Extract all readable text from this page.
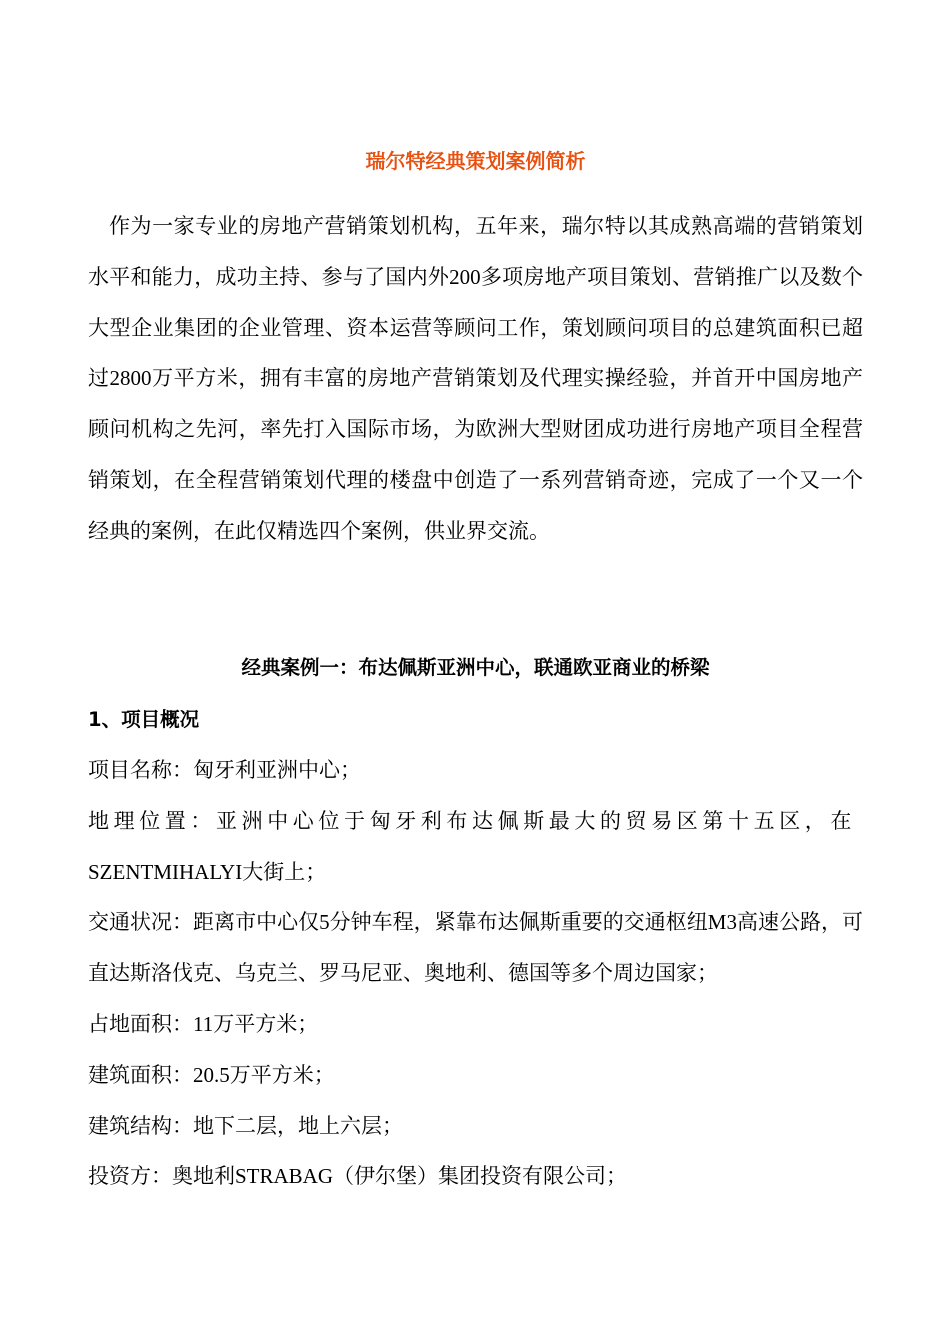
瑞尔特经典策划案例简析

作为一家专业的房地产营销策划机构，五年来，瑞尔特以其成熟高端的营销策划水平和能力，成功主持、参与了国内外200多项房地产项目策划、营销推广以及数个大型企业集团的企业管理、资本运营等顾问工作，策划顾问项目的总建筑面积已超过2800万平方米，拥有丰富的房地产营销策划及代理实操经验，并首开中国房地产顾问机构之先河，率先打入国际市场，为欧洲大型财团成功进行房地产项目全程营销策划，在全程营销策划代理的楼盘中创造了一系列营销奇迹，完成了一个又一个经典的案例，在此仅精选四个案例，供业界交流。

经典案例一：布达佩斯亚洲中心，联通欧亚商业的桥梁
1、项目概况
项目名称：匈牙利亚洲中心；
地理位置：亚洲中心位于匈牙利布达佩斯最大的贸易区第十五区，在
SZENTMIHALYI大街上；
交通状况：距离市中心仅5分钟车程，紧靠布达佩斯重要的交通枢纽M3高速公路，可直达斯洛伐克、乌克兰、罗马尼亚、奥地利、德国等多个周边国家；
占地面积：11万平方米；
建筑面积：20.5万平方米；
建筑结构：地下二层，地上六层；
投资方：奥地利STRABAG（伊尔堡）集团投资有限公司；
